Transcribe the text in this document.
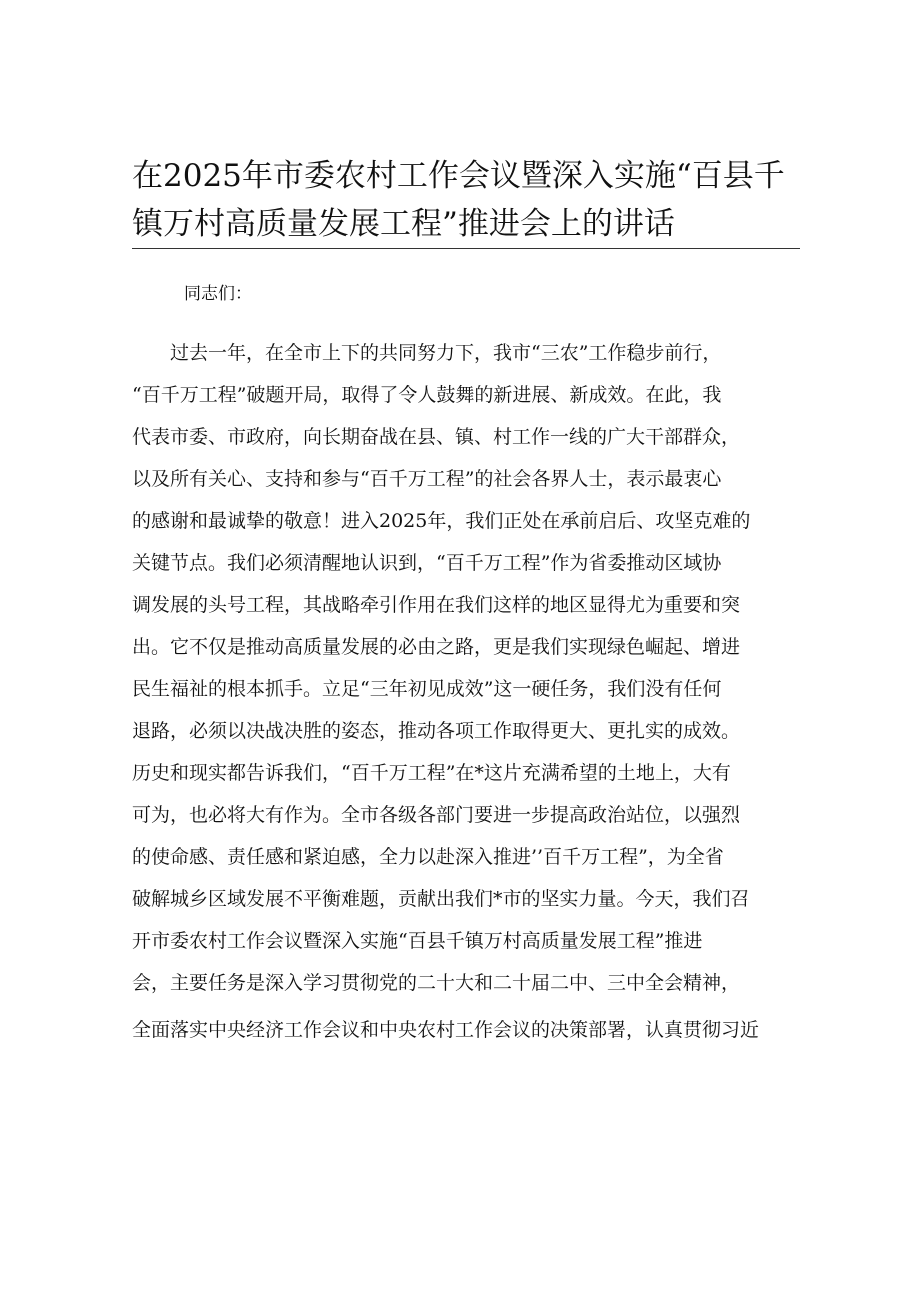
在2025年市委农村工作会议暨深入实施“百县千
镇万村高质量发展工程”推进会上的讲话

同志们：

　　过去一年，在全市上下的共同努力下，我市“三农”工作稳步前行，

“百千万工程”破题开局，取得了令人鼓舞的新进展、新成效。在此，我

代表市委、市政府，向长期奋战在县、镇、村工作一线的广大干部群众，

以及所有关心、支持和参与“百千万工程”的社会各界人士，表示最衷心

的感谢和最诚挚的敬意！进入2025年，我们正处在承前启后、攻坚克难的

关键节点。我们必须清醒地认识到，“百千万工程”作为省委推动区域协

调发展的头号工程，其战略牵引作用在我们这样的地区显得尤为重要和突

出。它不仅是推动高质量发展的必由之路，更是我们实现绿色崛起、增进

民生福祉的根本抓手。立足“三年初见成效”这一硬任务，我们没有任何

退路，必须以决战决胜的姿态，推动各项工作取得更大、更扎实的成效。

历史和现实都告诉我们，“百千万工程”在*这片充满希望的土地上，大有

可为，也必将大有作为。全市各级各部门要进一步提高政治站位，以强烈

的使命感、责任感和紧迫感，全力以赴深入推进’’百千万工程”，为全省

破解城乡区域发展不平衡难题，贡献出我们*市的坚实力量。今天，我们召

开市委农村工作会议暨深入实施“百县千镇万村高质量发展工程”推进

会，主要任务是深入学习贯彻党的二十大和二十届二中、三中全会精神，

全面落实中央经济工作会议和中央农村工作会议的决策部署，认真贯彻习近
